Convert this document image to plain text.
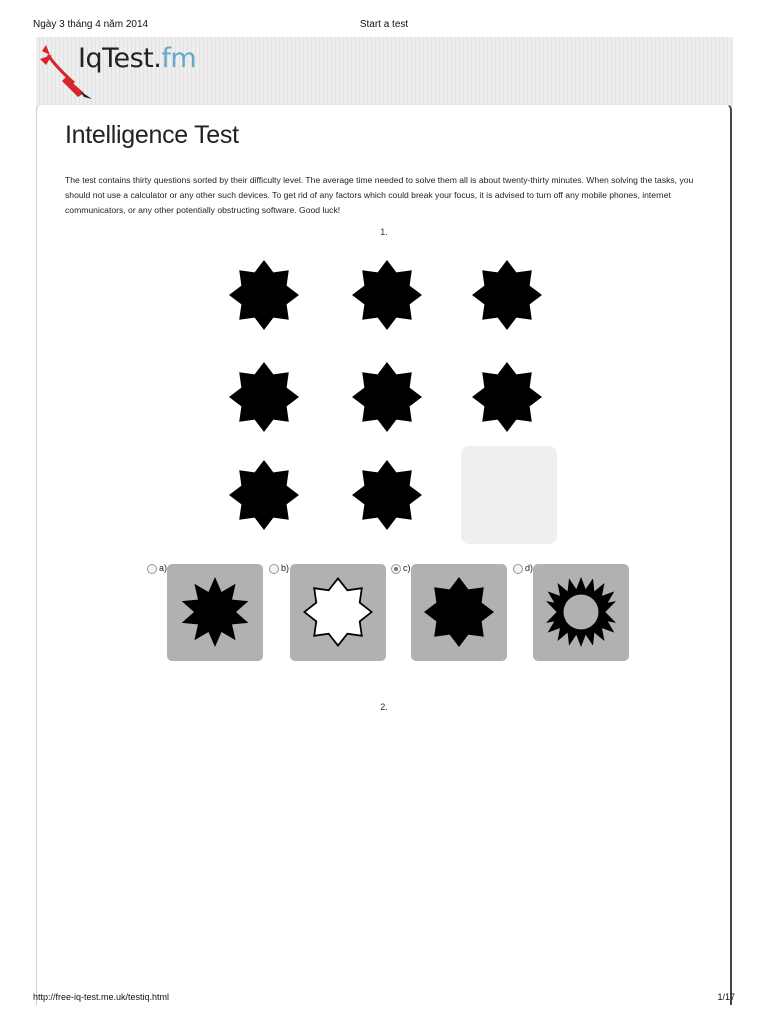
Ngày 3 tháng 4 năm 2014	Start a test
IqTest.fm
Intelligence Test

The test contains thirty questions sorted by their difficulty level. The average time needed to solve them all is about twenty-thirty minutes. When solving the tasks, you should not use a calculator or any other such devices. To get rid of any factors which could break your focus, it is advised to turn off any mobile phones, internet communicators, or any other potentially obstructing software. Good luck!

1.
a)	b)	c)	d)
2.
http://free-iq-test.me.uk/testiq.html	1/17
